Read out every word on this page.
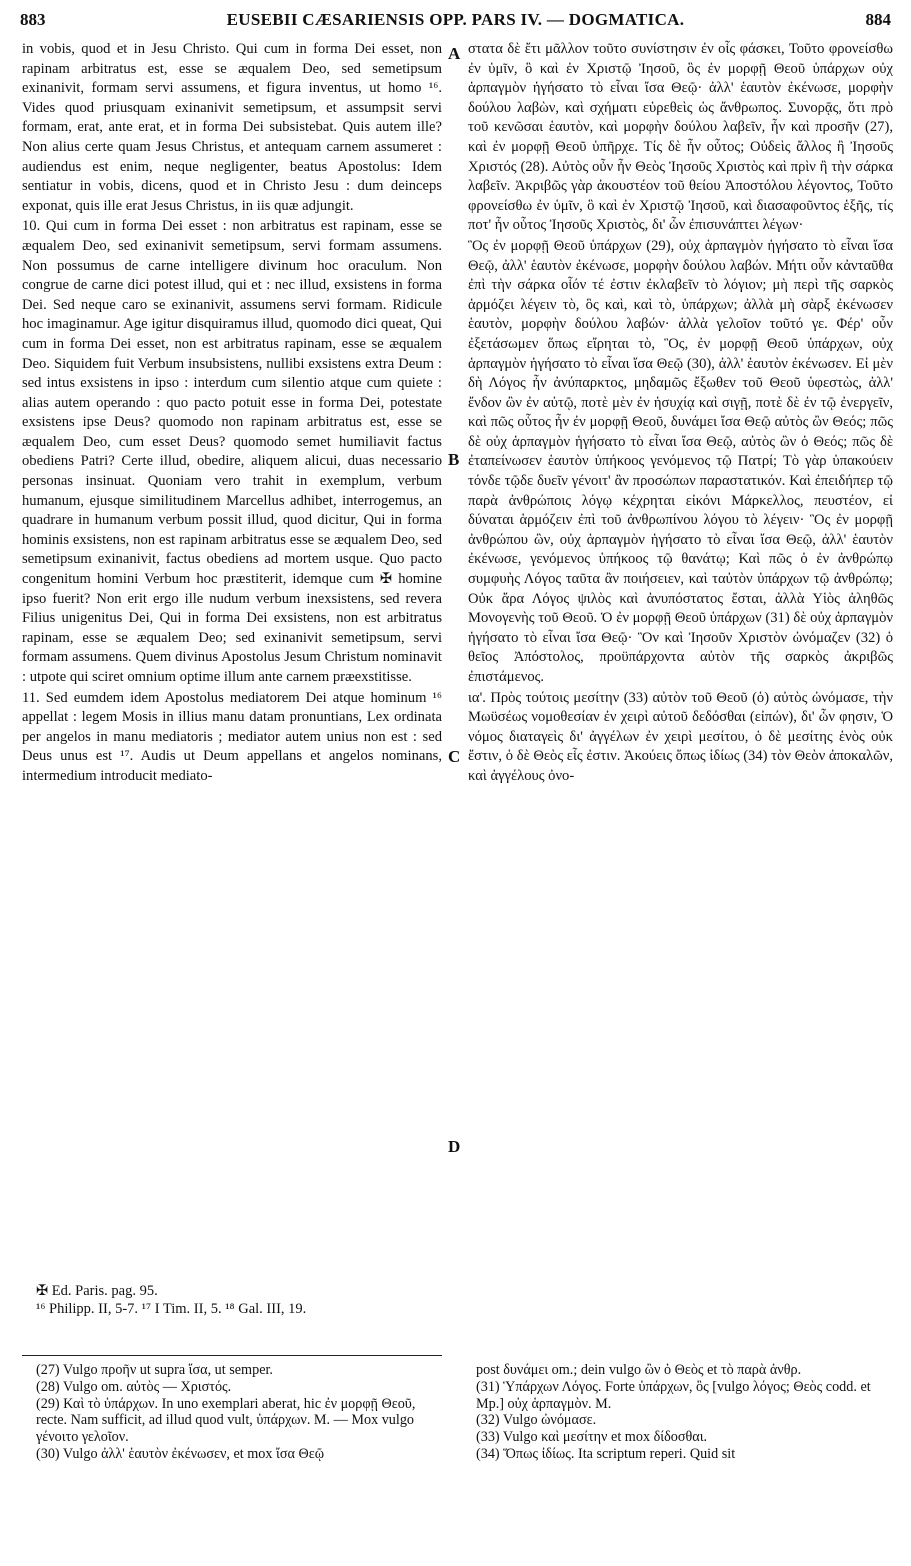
883	EUSEBII CÆSARIENSIS OPP. PARS IV. — DOGMATICA.	884

in vobis, quod et in Jesu Christo. Qui cum in forma Dei esset, non rapinam arbitratus est, esse se æqualem Deo, sed semetipsum exinanivit, formam servi assumens, et figura inventus, ut homo ¹⁶. Vides quod priusquam exinanivit semetipsum, et assumpsit servi formam, erat, ante erat, et in forma Dei subsistebat. Quis autem ille? Non alius certe quam Jesus Christus, et antequam carnem assumeret : audiendus est enim, neque negligenter, beatus Apostolus: Idem sentiatur in vobis, dicens, quod et in Christo Jesu : dum deinceps exponat, quis ille erat Jesus Christus, in iis quæ adjungit.

10. Qui cum in forma Dei esset : non arbitratus est rapinam, esse se æqualem Deo, sed exinanivit semetipsum, servi formam assumens. Non possumus de carne intelligere divinum hoc oraculum. Non congrue de carne dici potest illud, qui et : nec illud, exsistens in forma Dei. Sed neque caro se exinanivit, assumens servi formam. Ridicule hoc imaginamur. Age igitur disquiramus illud, quomodo dici queat, Qui cum in forma Dei esset, non est arbitratus rapinam, esse se æqualem Deo. Siquidem fuit Verbum insubsistens, nullibi exsistens extra Deum : sed intus exsistens in ipso : interdum cum silentio atque cum quiete : alias autem operando : quo pacto potuit esse in forma Dei, potestate exsistens ipse Deus? quomodo non rapinam arbitratus est, esse se æqualem Deo, cum esset Deus? quomodo semet humiliavit factus obediens Patri? Certe illud, obedire, aliquem alicui, duas necessario personas insinuat. Quoniam vero trahit in exemplum, verbum humanum, ejusque similitudinem Marcellus adhibet, interrogemus, an quadrare in humanum verbum possit illud, quod dicitur, Qui in forma hominis exsistens, non est rapinam arbitratus esse se æqualem Deo, sed semetipsum exinanivit, factus obediens ad mortem usque. Quo pacto congenitum homini Verbum hoc præstiterit, idemque cum ✠ homine ipso fuerit? Non erit ergo ille nudum verbum inexsistens, sed revera Filius unigenitus Dei, Qui in forma Dei exsistens, non est arbitratus rapinam, esse se æqualem Deo; sed exinanivit semetipsum, servi formam assumens. Quem divinus Apostolus Jesum Christum nominavit : utpote qui sciret omnium optime illum ante carnem præexstitisse.

11. Sed eumdem idem Apostolus mediatorem Dei atque hominum ¹⁶ appellat : legem Mosis in illius manu datam pronuntians, Lex ordinata per angelos in manu mediatoris ; mediator autem unius non est : sed Deus unus est ¹⁷. Audis ut Deum appellans et angelos nominans, intermedium introducit mediato-

A
B
C
D

στατα δὲ ἔτι μᾶλλον τοῦτο συνίστησιν ἐν οἷς φάσκει, Τοῦτο φρονείσθω ἐν ὑμῖν, ὃ καὶ ἐν Χριστῷ Ἰησοῦ, ὃς ἐν μορφῇ Θεοῦ ὑπάρχων οὐχ ἁρπαγμὸν ἡγήσατο τὸ εἶναι ἴσα Θεῷ· ἀλλ' ἑαυτὸν ἐκένωσε, μορφὴν δούλου λαβὼν, καὶ σχήματι εὑρεθεὶς ὡς ἄνθρωπος. Συνορᾷς, ὅτι πρὸ τοῦ κενῶσαι ἑαυτὸν, καὶ μορφὴν δούλου λαβεῖν, ἦν καὶ προσῆν (27), καὶ ἐν μορφῇ Θεοῦ ὑπῆρχε. Τίς δὲ ἦν οὗτος; Οὐδεὶς ἄλλος ἢ Ἰησοῦς Χριστός (28). Αὐτὸς οὖν ἦν Θεὸς Ἰησοῦς Χριστὸς καὶ πρὶν ἢ τὴν σάρκα λαβεῖν. Ἀκριβῶς γὰρ ἀκουστέον τοῦ θείου Ἀποστόλου λέγοντος, Τοῦτο φρονείσθω ἐν ὑμῖν, ὃ καὶ ἐν Χριστῷ Ἰησοῦ, καὶ διασαφοῦντος ἑξῆς, τίς ποτ' ἦν οὗτος Ἰησοῦς Χριστὸς, δι' ὧν ἐπισυνάπτει λέγων·

Ὃς ἐν μορφῇ Θεοῦ ὑπάρχων (29), οὐχ ἁρπαγμὸν ἡγήσατο τὸ εἶναι ἴσα Θεῷ, ἀλλ' ἑαυτὸν ἐκένωσε, μορφὴν δούλου λαβών. Μήτι οὖν κἀνταῦθα ἐπὶ τὴν σάρκα οἷόν τέ ἐστιν ἐκλαβεῖν τὸ λόγιον; μὴ περὶ τῆς σαρκὸς ἁρμόζει λέγειν τὸ, ὃς καὶ, καὶ τὸ, ὑπάρχων; ἀλλὰ μὴ σὰρξ ἐκένωσεν ἑαυτὸν, μορφὴν δούλου λαβών· ἀλλὰ γελοῖον τοῦτό γε. Φέρ' οὖν ἐξετάσωμεν ὅπως εἴρηται τὸ, Ὃς, ἐν μορφῇ Θεοῦ ὑπάρχων, οὐχ ἁρπαγμὸν ἡγήσατο τὸ εἶναι ἴσα Θεῷ (30), ἀλλ' ἑαυτὸν ἐκένωσεν. Εἰ μὲν δὴ Λόγος ἦν ἀνύπαρκτος, μηδαμῶς ἔξωθεν τοῦ Θεοῦ ὑφεστὼς, ἀλλ' ἔνδον ὢν ἐν αὐτῷ, ποτὲ μὲν ἐν ἡσυχίᾳ καὶ σιγῇ, ποτὲ δὲ ἐν τῷ ἐνεργεῖν, καὶ πῶς οὗτος ἦν ἐν μορφῇ Θεοῦ, δυνάμει ἴσα Θεῷ αὐτὸς ὢν Θεός; πῶς δὲ οὐχ ἁρπαγμὸν ἡγήσατο τὸ εἶναι ἴσα Θεῷ, αὐτὸς ὢν ὁ Θεός; πῶς δὲ ἐταπείνωσεν ἑαυτὸν ὑπήκοος γενόμενος τῷ Πατρί; Τὸ γὰρ ὑπακούειν τόνδε τῷδε δυεῖν γένοιτ' ἂν προσώπων παραστατικόν. Καὶ ἐπειδήπερ τῷ παρὰ ἀνθρώποις λόγῳ κέχρηται εἰκόνι Μάρκελλος, πευστέον, εἰ δύναται ἁρμόζειν ἐπὶ τοῦ ἀνθρωπίνου λόγου τὸ λέγειν· Ὃς ἐν μορφῇ ἀνθρώπου ὢν, οὐχ ἁρπαγμὸν ἡγήσατο τὸ εἶναι ἴσα Θεῷ, ἀλλ' ἑαυτὸν ἐκένωσε, γενόμενος ὑπήκοος τῷ θανάτῳ; Καὶ πῶς ὁ ἐν ἀνθρώπῳ συμφυὴς Λόγος ταῦτα ἂν ποιήσειεν, καὶ ταὐτὸν ὑπάρχων τῷ ἀνθρώπῳ; Οὐκ ἄρα Λόγος ψιλὸς καὶ ἀνυπόστατος ἔσται, ἀλλὰ Υἱὸς ἀληθῶς Μονογενὴς τοῦ Θεοῦ. Ὁ ἐν μορφῇ Θεοῦ ὑπάρχων (31) δὲ οὐχ ἁρπαγμὸν ἡγήσατο τὸ εἶναι ἴσα Θεῷ· Ὃν καὶ Ἰησοῦν Χριστὸν ὠνόμαζεν (32) ὁ θεῖος Ἀπόστολος, προϋπάρχοντα αὐτὸν τῆς σαρκὸς ἀκριβῶς ἐπιστάμενος.

ια'. Πρὸς τούτοις μεσίτην (33) αὐτὸν τοῦ Θεοῦ (ὁ) αὐτὸς ὠνόμασε, τὴν Μωϋσέως νομοθεσίαν ἐν χειρὶ αὐτοῦ δεδόσθαι (εἰπών), δι' ὧν φησιν, Ὁ νόμος διαταγεὶς δι' ἀγγέλων ἐν χειρὶ μεσίτου, ὁ δὲ μεσίτης ἑνὸς οὐκ ἔστιν, ὁ δὲ Θεὸς εἷς ἐστιν. Ἀκούεις ὅπως ἰδίως (34) τὸν Θεὸν ἀποκαλῶν, καὶ ἀγγέλους ὀνο-

✠ Ed. Paris. pag. 95.
¹⁶ Philipp. II, 5-7. ¹⁷ I Tim. II, 5. ¹⁸ Gal. III, 19.
(27) Vulgo προῆν ut supra ἴσα, ut semper.
(28) Vulgo om. αὐτὸς — Χριστός.
(29) Καὶ τὸ ὑπάρχων. In uno exemplari aberat, hic ἐν μορφῇ Θεοῦ, recte. Nam sufficit, ad illud quod vult, ὑπάρχων. M. — Mox vulgo γένοιτο γελοῖον.
(30) Vulgo ἀλλ' ἑαυτὸν ἐκένωσεν, et mox ἴσα Θεῷ
post δυνάμει om.; dein vulgo ὢν ὁ Θεὸς et τὸ παρὰ ἀνθρ.
(31) Ὑπάρχων Λόγος. Forte ὑπάρχων, ὃς [vulgo λόγος; Θεὸς codd. et Mp.] οὐχ ἁρπαγμὸν. M.
(32) Vulgo ὠνόμασε.
(33) Vulgo καὶ μεσίτην et mox δίδοσθαι.
(34) Ὅπως ἰδίως. Ita scriptum reperi. Quid sit
